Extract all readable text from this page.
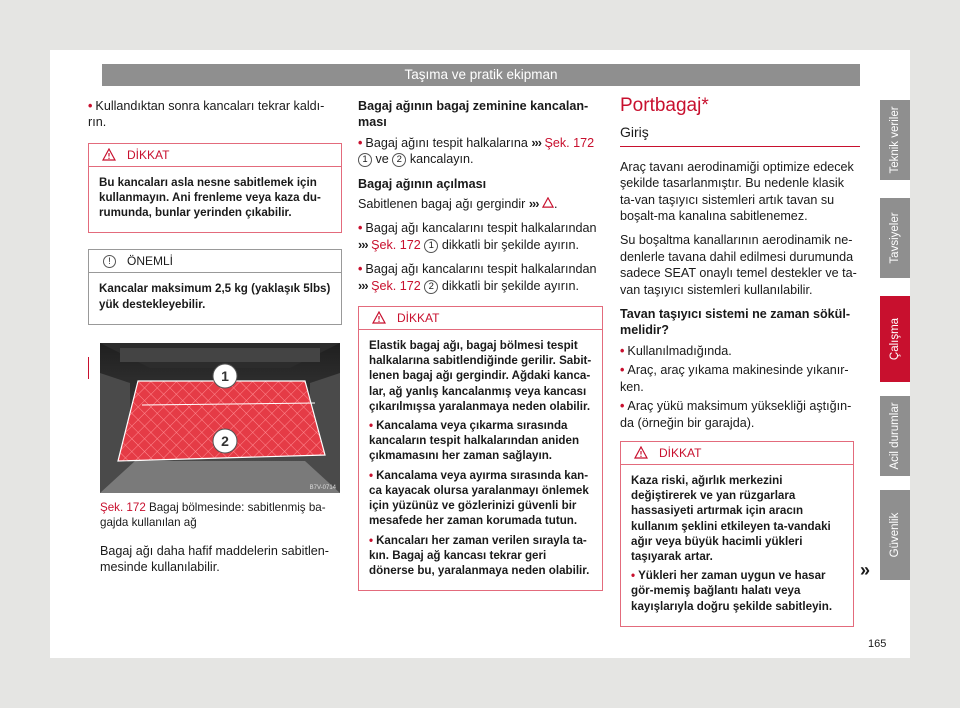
Taşıma ve pratik ekipman

• Kullandıktan sonra kancaları tekrar kaldı-rın.

DİKKAT

Bu kancaları asla nesne sabitlemek için kullanmayın. Ani frenleme veya kaza du-rumunda, bunlar yerinden çıkabilir.

!	ÖNEMLİ

Kancalar maksimum 2,5 kg (yaklaşık 5lbs) yük destekleyebilir.

1
2
B7V-0714
Şek. 172 Bagaj bölmesinde: sabitlenmiş ba-gajda kullanılan ağ

Bagaj ağı daha hafif maddelerin sabitlen-mesinde kullanılabilir.

Bagaj ağının bagaj zeminine kancalan-ması

• Bagaj ağını tespit halkalarına ››› Şek. 172 1 ve 2 kancalayın.

Bagaj ağının açılması

Sabitlenen bagaj ağı gergindir ››› .

• Bagaj ağı kancalarını tespit halkalarından ››› Şek. 172 1 dikkatli bir şekilde ayırın.

• Bagaj ağı kancalarını tespit halkalarından ››› Şek. 172 2 dikkatli bir şekilde ayırın.

DİKKAT

Elastik bagaj ağı, bagaj bölmesi tespit halkalarına sabitlendiğinde gerilir. Sabit-lenen bagaj ağı gergindir. Ağdaki kanca-lar, ağ yanlış kancalanmış veya kancası çıkarılmışsa yaralanmaya neden olabilir.

• Kancalama veya çıkarma sırasında kancaların tespit halkalarından aniden çıkmamasını her zaman sağlayın.

• Kancalama veya ayırma sırasında kan-ca kayacak olursa yaralanmayı önlemek için yüzünüz ve gözlerinizi güvenli bir mesafede her zaman korumada tutun.

• Kancaları her zaman verilen sırayla ta-kın. Bagaj ağ kancası tekrar geri dönerse bu, yaralanmaya neden olabilir.

Portbagaj*

Giriş

Araç tavanı aerodinamiği optimize edecek şekilde tasarlanmıştır. Bu nedenle klasik ta-van taşıyıcı sistemleri artık tavan su boşalt-ma kanalına sabitlenemez.

Su boşaltma kanallarının aerodinamik ne-denlerle tavana dahil edilmesi durumunda sadece SEAT onaylı temel destekler ve ta-van taşıyıcı sistemleri kullanılabilir.

Tavan taşıyıcı sistemi ne zaman sökül-melidir?

• Kullanılmadığında.

• Araç, araç yıkama makinesinde yıkanır-ken.

• Araç yükü maksimum yüksekliği aştığın-da (örneğin bir garajda).

DİKKAT

Kaza riski, ağırlık merkezini değiştirerek ve yan rüzgarlara hassasiyeti artırmak için aracın kullanım şeklini etkileyen ta-vandaki ağır veya büyük hacimli yükleri taşıyarak artar.

• Yükleri her zaman uygun ve hasar gör-memiş bağlantı halatı veya kayışlarıyla doğru şekilde sabitleyin.

»
Teknik veriler
Tavsiyeler
Çalışma
Acil durumlar
Güvenlik
165
